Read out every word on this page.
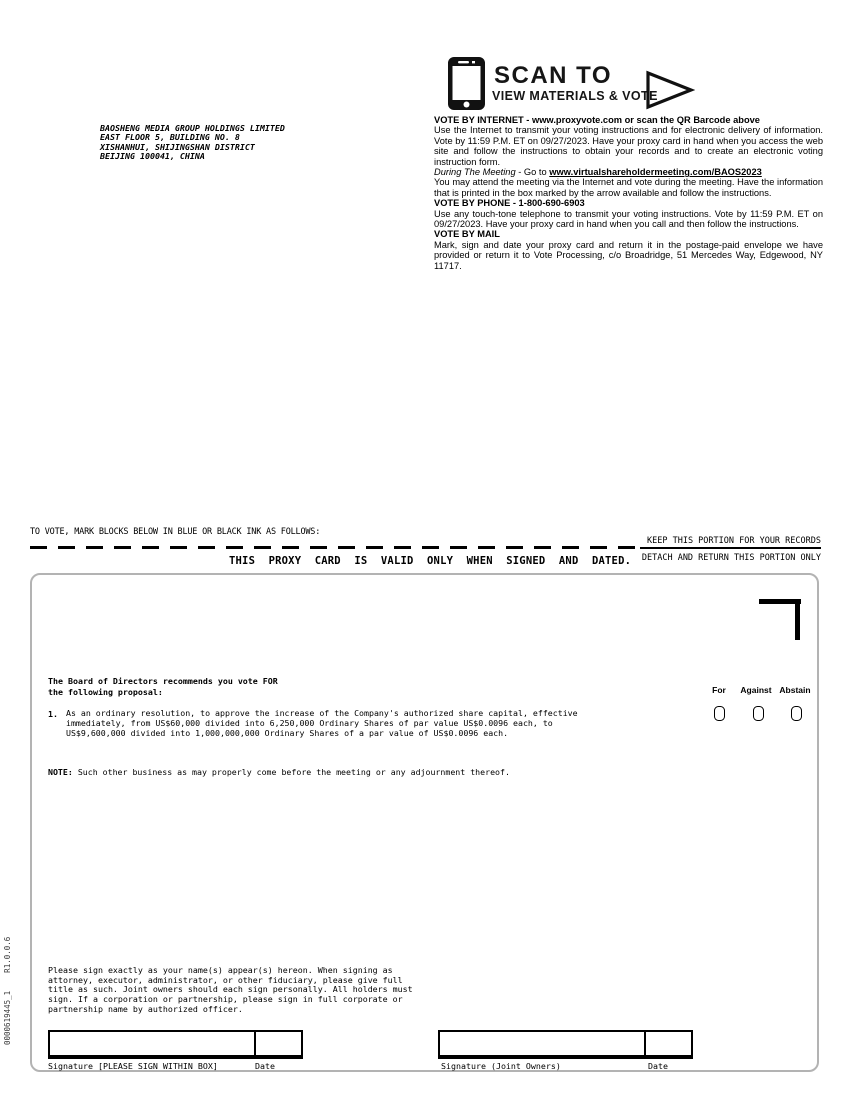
SCAN TO
VIEW MATERIALS & VOTE
BAOSHENG MEDIA GROUP HOLDINGS LIMITED
EAST FLOOR 5, BUILDING NO. 8
XISHANHUI, SHIJINGSHAN DISTRICT
BEIJING 100041, CHINA
VOTE BY INTERNET - www.proxyvote.com or scan the QR Barcode above

Use the Internet to transmit your voting instructions and for electronic delivery of information. Vote by 11:59 P.M. ET on 09/27/2023. Have your proxy card in hand when you access the web site and follow the instructions to obtain your records and to create an electronic voting instruction form.

During The Meeting - Go to www.virtualshareholdermeeting.com/BAOS2023

You may attend the meeting via the Internet and vote during the meeting. Have the information that is printed in the box marked by the arrow available and follow the instructions.

VOTE BY PHONE - 1-800-690-6903

Use any touch-tone telephone to transmit your voting instructions. Vote by 11:59 P.M. ET on 09/27/2023. Have your proxy card in hand when you call and then follow the instructions.

VOTE BY MAIL

Mark, sign and date your proxy card and return it in the postage-paid envelope we have provided or return it to Vote Processing, c/o Broadridge, 51 Mercedes Way, Edgewood, NY 11717.

TO VOTE, MARK BLOCKS BELOW IN BLUE OR BLACK INK AS FOLLOWS:
KEEP THIS PORTION FOR YOUR RECORDS
THIS PROXY CARD IS VALID ONLY WHEN SIGNED AND DATED. DETACH AND RETURN THIS PORTION ONLY
The Board of Directors recommends you vote FOR
the following proposal:	For	Against Abstain
1. As an ordinary resolution, to approve the increase of the Company's authorized share capital, effective immediately, from US$60,000 divided into 6,250,000 Ordinary Shares of par value US$0.0096 each, to US$9,600,000 divided into 1,000,000,000 Ordinary Shares of a par value of US$0.0096 each.
NOTE: Such other business as may properly come before the meeting or any adjournment thereof.
Please sign exactly as your name(s) appear(s) hereon. When signing as attorney, executor, administrator, or other fiduciary, please give full title as such. Joint owners should each sign personally. All holders must sign. If a corporation or partnership, please sign in full corporate or partnership name by authorized officer.
Signature [PLEASE SIGN WITHIN BOX]	Date	Signature (Joint Owners)	Date
0000619445_1R1.0.0.6
